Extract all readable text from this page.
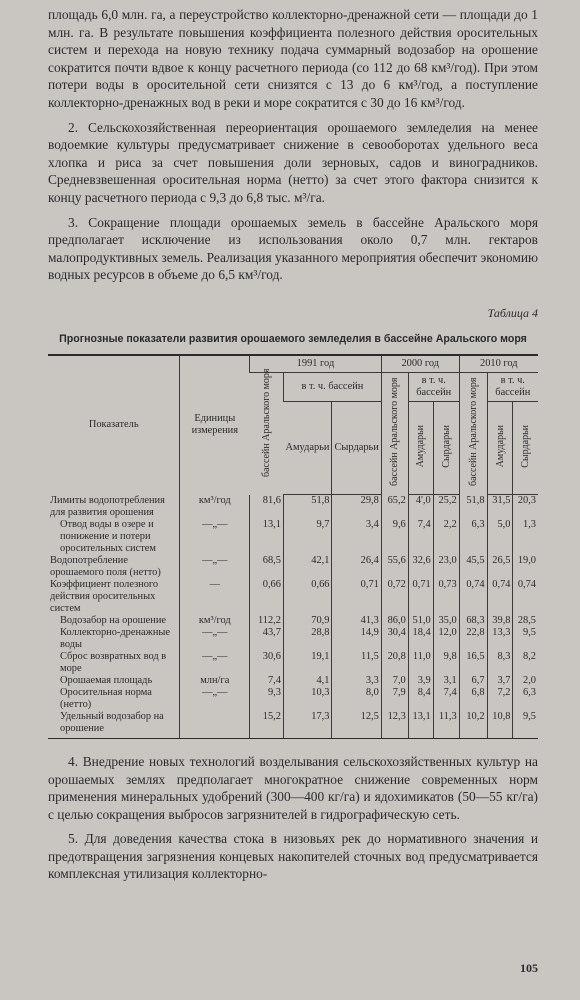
площадь 6,0 млн. га, а переустройство коллекторно-дренажной сети — площади до 1 млн. га. В результате повышения коэффициента полезного действия оросительных систем и перехода на новую технику подача суммарный водозабор на орошение сократится почти вдвое к концу расчетного периода (со 112 до 68 км³/год). При этом потери воды в оросительной сети снизятся с 13 до 6 км³/год, а поступление коллекторно-дренажных вод в реки и море сократится с 30 до 16 км³/год.

2. Сельскохозяйственная переориентация орошаемого земледелия на менее водоемкие культуры предусматривает снижение в севооборотах удельного веса хлопка и риса за счет повышения доли зерновых, садов и виноградников. Средневзвешенная оросительная норма (нетто) за счет этого фактора снизится к концу расчетного периода с 9,3 до 6,8 тыс. м³/га.

3. Сокращение площади орошаемых земель в бассейне Аральского моря предполагает исключение из использования около 0,7 млн. гектаров малопродуктивных земель. Реализация указанного мероприятия обеспечит экономию водных ресурсов в объеме до 6,5 км³/год.

Таблица 4
Прогнозные показатели развития орошаемого земледелия в бассейне Аральского моря
Показатель	Единицы измерения	1991 год			2000 год			2010 год		
		бассейн Аральского моря	в т. ч. бассейн		бассейн Аральского моря	в т. ч. бассейн		бассейн Аральского моря	в т. ч. бассейн	
			Амударьи	Сырдарьи		Амударьи	Сырдарьи		Амударьи	Сырдарьи
Лимиты водопотребления для развития орошения	км³/год	81,6	51,8	29,8	65,2	4',0	25,2	51,8	31,5	20,3
Отвод воды в озере и понижение и потери оросительных систем	—„—	13,1	9,7	3,4	9,6	7,4	2,2	6,3	5,0	1,3
Водопотребление орошаемого поля (нетто)	—„—	68,5	42,1	26,4	55,6	32,6	23,0	45,5	26,5	19,0
Коэффициент полезного действия оросительных систем	—	0,66	0,66	0,71	0,72	0,71	0,73	0,74	0,74	0,74
Водозабор на орошение	км³/год	112,2	70,9	41,3	86,0	51,0	35,0	68,3	39,8	28,5
Коллекторно-дренажные воды	—„—	43,7	28,8	14,9	30,4	18,4	12,0	22,8	13,3	9,5
Сброс возвратных вод в море	—„—	30,6	19,1	11,5	20,8	11,0	9,8	16,5	8,3	8,2
Орошаемая площадь	млн/га	7,4	4,1	3,3	7,0	3,9	3,1	6,7	3,7	2,0
Оросительная норма (нетто)	—„—	9,3	10,3	8,0	7,9	8,4	7,4	6,8	7,2	6,3
Удельный водозабор на орошение		15,2	17,3	12,5	12,3	13,1	11,3	10,2	10,8	9,5

4. Внедрение новых технологий возделывания сельскохозяйственных культур на орошаемых землях предполагает многократное снижение современных норм применения минеральных удобрений (300—400 кг/га) и ядохимикатов (50—55 кг/га) с целью сокращения выбросов загрязнителей в гидрографическую сеть.

5. Для доведения качества стока в низовьях рек до нормативного значения и предотвращения загрязнения концевых накопителей сточных вод предусматривается комплексная утилизация коллекторно-

105
